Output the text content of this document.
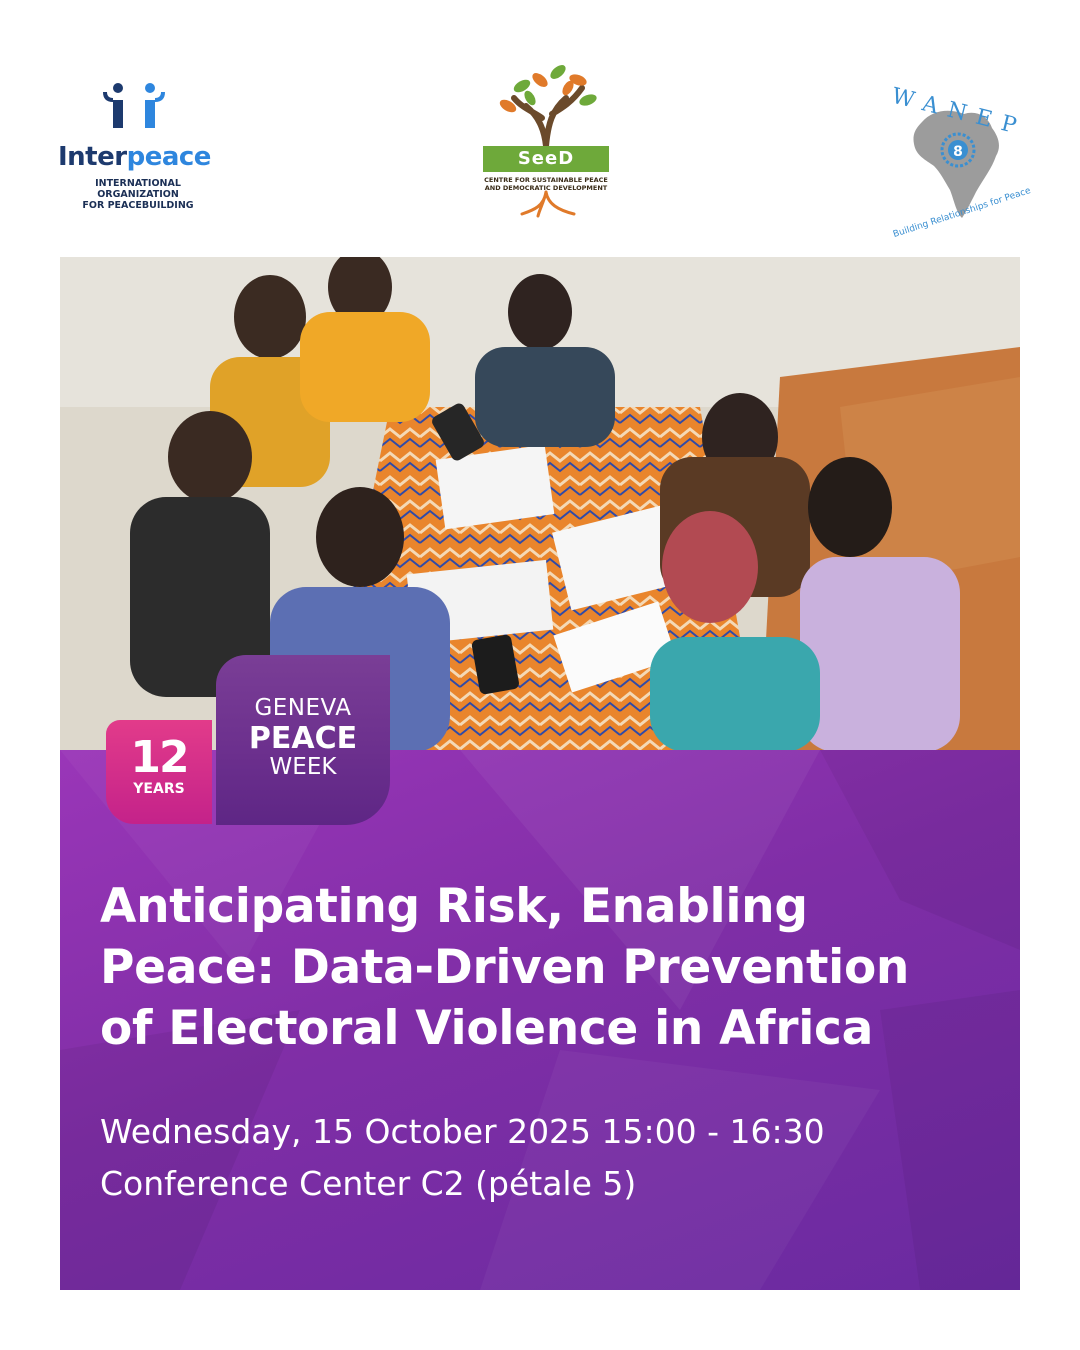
Interpeace
INTERNATIONAL ORGANIZATION
FOR PEACEBUILDING
SeeD
CENTRE FOR SUSTAINABLE PEACE
AND DEMOCRATIC DEVELOPMENT
8
WANEP
Building Relationships for Peace
12
YEARS
GENEVA
PEACE
WEEK
Anticipating Risk, Enabling
Peace: Data-Driven Prevention
of Electoral Violence in Africa
Wednesday, 15 October 2025 15:00 - 16:30
Conference Center C2 (pétale 5)
